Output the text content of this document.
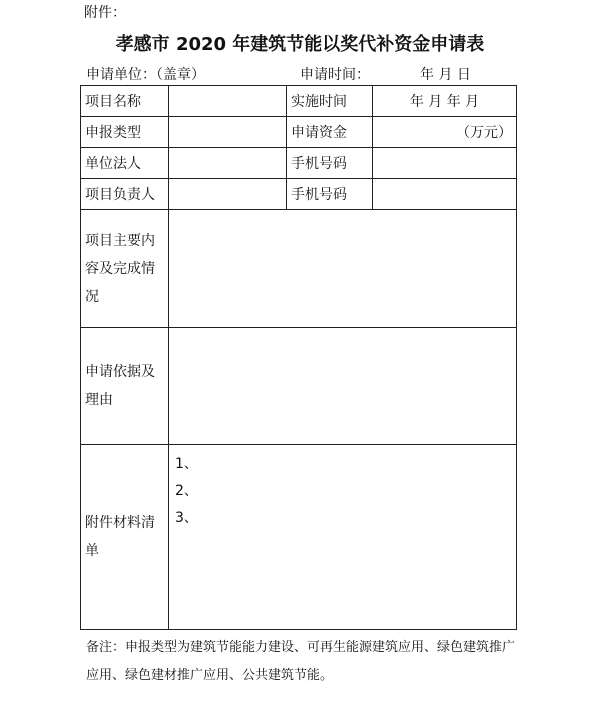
附件：
孝感市 2020 年建筑节能以奖代补资金申请表
申请单位：（盖章）	申请时间：	年 月 日
项目名称		实施时间	年 月 年 月
申报类型		申请资金	（万元）
单位法人		手机号码	
项目负责人		手机号码	
项目主要内容及完成情况			
申请依据及理由			
附件材料清单	1、
2、
3、		
备注：申报类型为建筑节能能力建设、可再生能源建筑应用、绿色建筑推广应用、绿色建材推广应用、公共建筑节能。
